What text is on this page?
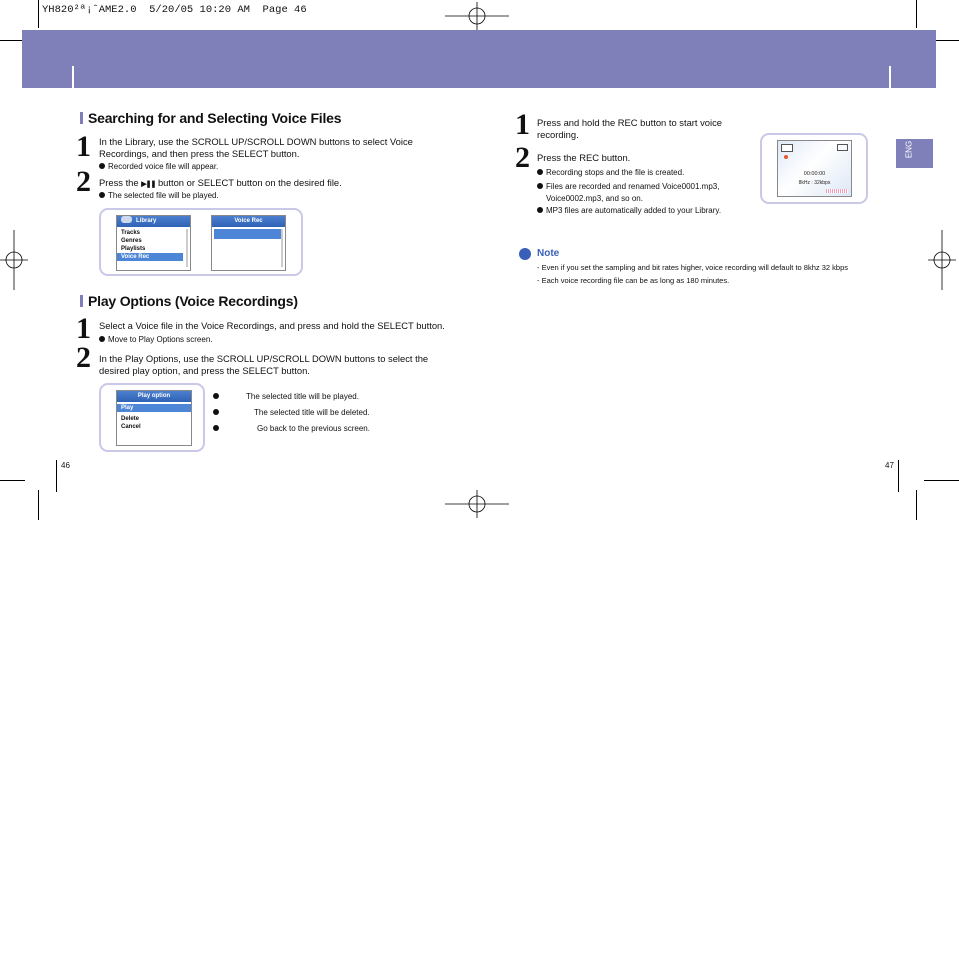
YH820²ª¡ˆAME2.0  5/20/05 10:20 AM  Page 46
Searching for and Selecting Voice Files
1 In the Library, use the SCROLL UP/SCROLL DOWN buttons to select Voice
Recordings, and then press the SELECT button.
Recorded voice file will appear.
2 Press the ▶❚❚ button or SELECT button on the desired file.
The selected file will be played.
Library
Tracks
Genres
Playlists
Voice Rec
Voice Rec
Play Options (Voice Recordings)
1 Select a Voice file in the Voice Recordings, and press and hold the SELECT button.
Move to Play Options screen.
2 In the Play Options, use the SCROLL UP/SCROLL DOWN buttons to select the
desired play option, and press the SELECT button.
Play option
Play
Delete
Cancel
The selected title will be played.
The selected title will be deleted.
Go back to the previous screen.
46
1 Press and hold the REC button to start voice
recording.
2 Press the REC button.
Recording stops and the file is created.
Files are recorded and renamed Voice0001.mp3,
Voice0002.mp3, and so on.
MP3 files are automatically added to your Library.
00:00:00
8kHz : 32kbps
Note
- Even if you set the sampling and bit rates higher, voice recording will default to 8khz 32 kbps
- Each voice recording file can be as long as 180 minutes.
ENG
47
